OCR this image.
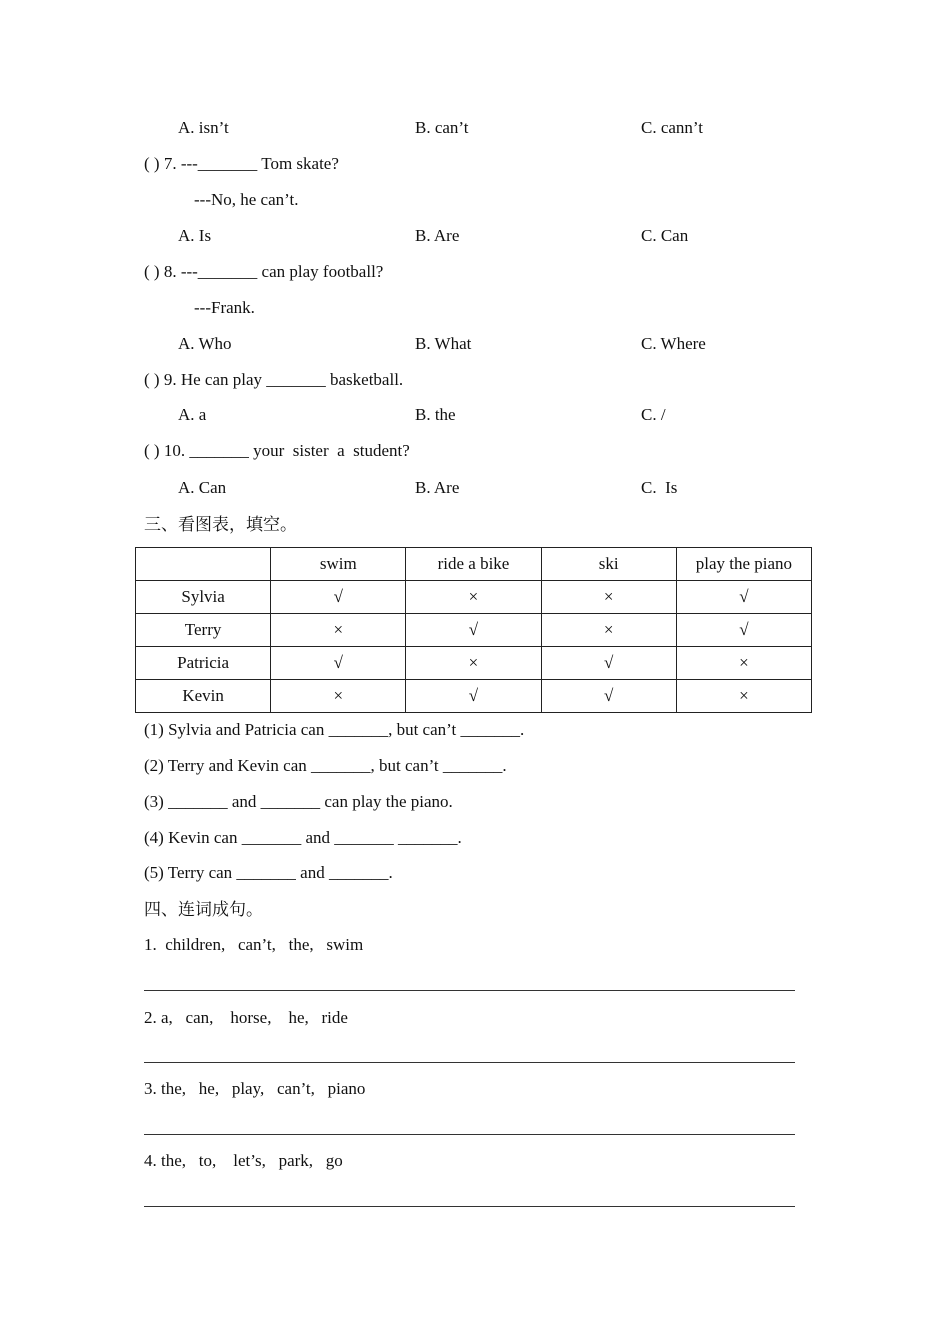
A. isn’t	B. can’t	C. cann’t
( ) 7. ---_______ Tom skate?
---No, he can’t.
A. Is	B. Are	C. Can
( ) 8. ---_______ can play football?
---Frank.
A. Who	B. What	C. Where
( ) 9. He can play _______ basketball.
A. a	B. the	C. /
( ) 10. _______ your  sister  a  student?
A. Can	B. Are	C.  Is
三、看图表，填空。
	swim	ride a bike	ski	play the piano
Sylvia	√	×	×	√
Terry	×	√	×	√
Patricia	√	×	√	×
Kevin	×	√	√	×
(1) Sylvia and Patricia can _______, but can’t _______.
(2) Terry and Kevin can _______, but can’t _______.
(3) _______ and _______ can play the piano.
(4) Kevin can _______ and _______ _______.
(5) Terry can _______ and _______.
四、连词成句。
1.  children,   can’t,   the,   swim
2. a,   can,    horse,    he,   ride
3. the,   he,   play,   can’t,   piano
4. the,   to,    let’s,   park,   go
